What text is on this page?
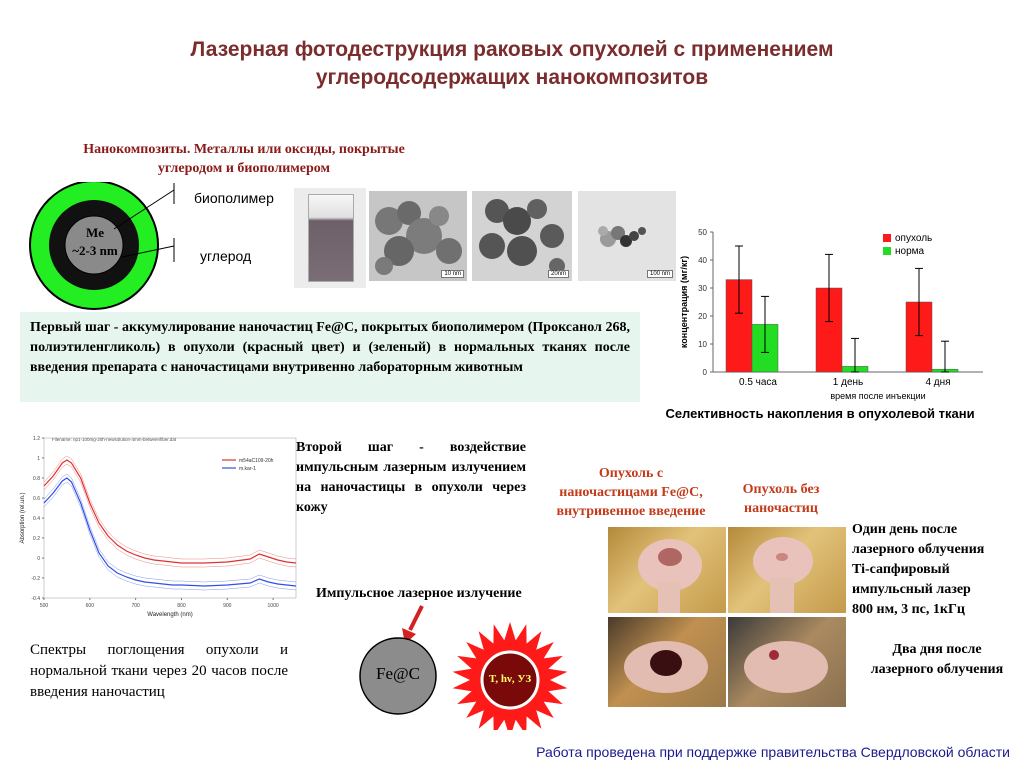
Лазерная фотодеструкция раковых опухолей с применением
углеродсодержащих нанокомпозитов
Нанокомпозиты. Металлы или оксиды, покрытые
углеродом и биополимером
Me
~2-3 nm
биополимер
углерод
10 nm	20nm	100 nm
Первый шаг - аккумулирование наночастиц Fe@C, покрытых биополимером (Проксанол 268, полиэтиленгликоль) в опухоли (красный цвет) и (зеленый) в нормальных тканях после введения препарата с наночастицами внутривенно лабораторным животным	0
10
20
30
40
50
0.5 часа	1 день	4 дня
время после инъекции
концентрация (мг/кг)
опухоль
норма
Селективность накопления в опухолевой ткани
-0.4
-0.2
0
0.2
0.4
0.6
0.8
1
1.2
500	600	700	800	900	1000
Wavelength (nm)
Absorption (rel.un.)
Filename: np1-100mg-20h-newsolution-4mm-betweenfiber.dat
m54aC109-20h
m.kar-1
Спектры поглощения опухоли и нормальной ткани через 20 часов после введения наночастиц
Второй шаг - воздействие импульсным лазерным излучением на наночастицы в опухоли через кожу
Импульсное лазерное излучение
Fe@C	T, hν, УЗ
Опухоль с
наночастицами Fe@C,
внутривенное введение
Опухоль без
наночастиц
Один день после
лазерного облучения
Ti-сапфировый
импульсный лазер
800 нм, 3 пс, 1кГц
Два дня после
лазерного облучения
Работа проведена при поддержке правительства Свердловской области
